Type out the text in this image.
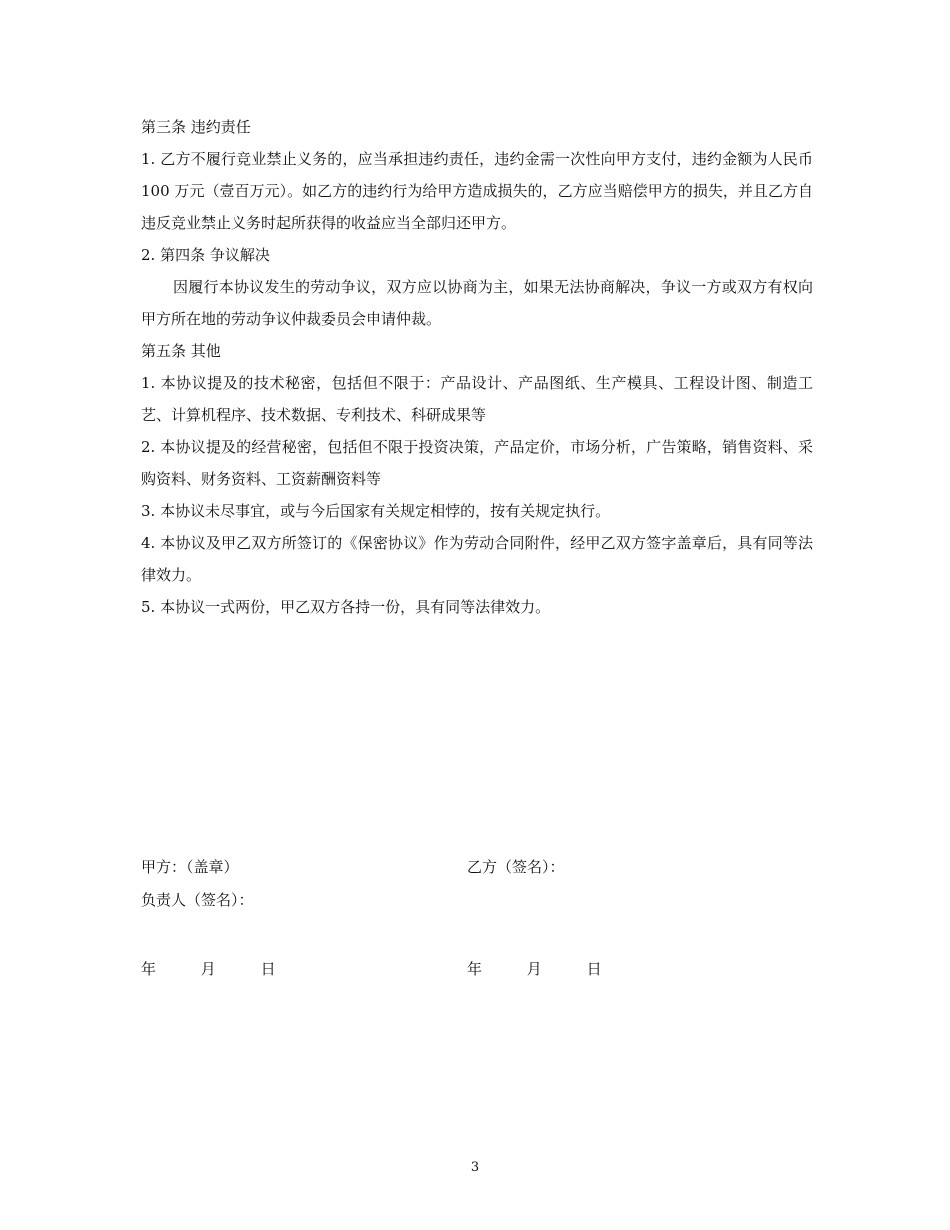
第三条 违约责任

1. 乙方不履行竞业禁止义务的，应当承担违约责任，违约金需一次性向甲方支付，违约金额为人民币 100 万元（壹百万元）。如乙方的违约行为给甲方造成损失的，乙方应当赔偿甲方的损失，并且乙方自违反竞业禁止义务时起所获得的收益应当全部归还甲方。

2. 第四条 争议解决

因履行本协议发生的劳动争议，双方应以协商为主，如果无法协商解决，争议一方或双方有权向甲方所在地的劳动争议仲裁委员会申请仲裁。

第五条 其他

1. 本协议提及的技术秘密，包括但不限于：产品设计、产品图纸、生产模具、工程设计图、制造工艺、计算机程序、技术数据、专利技术、科研成果等

2. 本协议提及的经营秘密，包括但不限于投资决策，产品定价，市场分析，广告策略，销售资料、采购资料、财务资料、工资薪酬资料等

3. 本协议未尽事宜，或与今后国家有关规定相悖的，按有关规定执行。

4. 本协议及甲乙双方所签订的《保密协议》作为劳动合同附件，经甲乙双方签字盖章后，具有同等法律效力。

5. 本协议一式两份，甲乙双方各持一份，具有同等法律效力。

甲方：（盖章）	乙方（签名）：
负责人（签名）：
年	月	日	年	月	日
3
